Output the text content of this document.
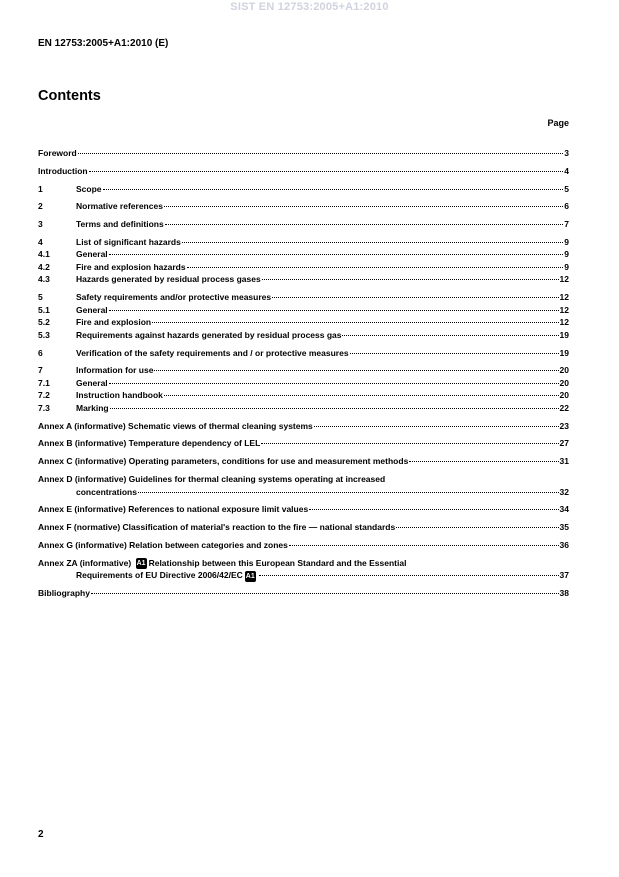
SIST EN 12753:2005+A1:2010
EN 12753:2005+A1:2010 (E)
Contents
Page
Foreword	3
Introduction	4
1	Scope	5
2	Normative references	6
3	Terms and definitions	7
4	List of significant hazards	9
4.1	General	9
4.2	Fire and explosion hazards	9
4.3	Hazards generated by residual process gases	12
5	Safety requirements and/or protective measures	12
5.1	General	12
5.2	Fire and explosion	12
5.3	Requirements against hazards generated by residual process gas	19
6	Verification of the safety requirements and / or protective measures	19
7	Information for use	20
7.1	General	20
7.2	Instruction handbook	20
7.3	Marking	22
Annex A (informative) Schematic views of thermal cleaning systems	23
Annex B (informative) Temperature dependency of LEL	27
Annex C (informative) Operating parameters, conditions for use and measurement methods	31
Annex D (informative) Guidelines for thermal cleaning systems operating at increased
concentrations	32
Annex E (informative) References to national exposure limit values	34
Annex F (normative) Classification of material's reaction to the fire — national standards	35
Annex G (informative) Relation between categories and zones	36
Annex ZA (informative) A1 Relationship between this European Standard and the Essential
Requirements of EU Directive 2006/42/EC A1	37
Bibliography	38
2
